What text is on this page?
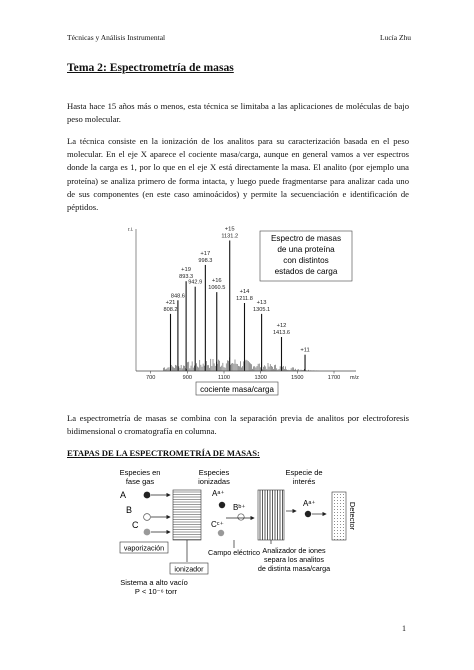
Técnicas y Análisis Instrumental	Lucía Zhu
Tema 2: Espectrometría de masas
Hasta hace 15 años más o menos, esta técnica se limitaba a las aplicaciones de moléculas de bajo peso molecular.
La técnica consiste en la ionización de los analitos para su caracterización basada en el peso molecular. En el eje X aparece el cociente masa/carga, aunque en general vamos a ver espectros donde la carga es 1, por lo que en el eje X está directamente la masa. El analito (por ejemplo una proteína) se analiza primero de forma intacta, y luego puede fragmentarse para analizar cada uno de sus componentes (en este caso aminoácidos) y permite la secuenciación e identificación de péptidos.
r.i.
808.2
+21
848.6
893.3
+19
942.9
998.3
+17
1060.5
+16
1131.2
+15
1211.8
+14
1305.1
+13
1413.6
+12
+11
700	900	1100	1300	1500	1700 m/z
Espectro de masas
de una proteína
con distintos
estados de carga
cociente masa/carga
La espectrometría de masas se combina con la separación previa de analitos por electroforesis bidimensional o cromatografía en columna.
ETAPAS DE LA ESPECTROMETRÍA DE MASAS:
Especies en
fase gas
Especies
ionizadas
Especie de
interés
A
B
C
Aᵃ⁺
Bᵇ⁺
Cᶜ⁺
Aᵃ⁺	Detector
vaporización
ionizador
Campo eléctrico Analizador de iones
separa los analitos
de distinta masa/carga
Sistema a alto vacío
P < 10⁻⁶ torr
1
